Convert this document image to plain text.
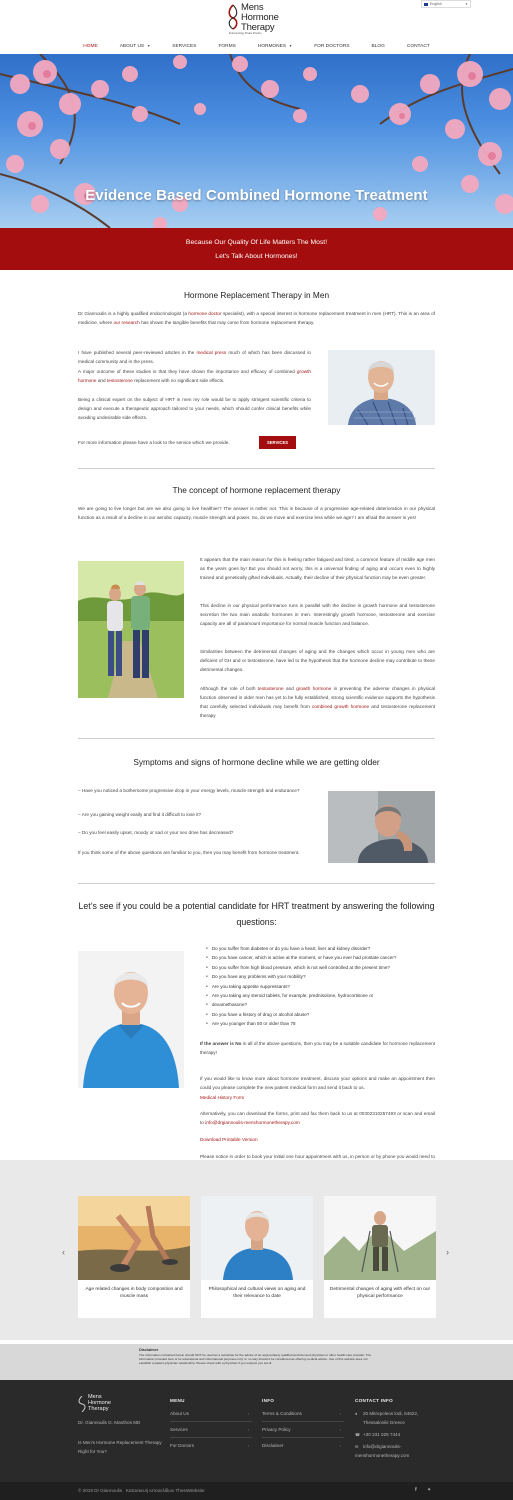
Mens
Hormone
Therapy
Endocrinology Private Practice
English	▼
HOME	ABOUT US ▼	SERVICES	FORMS	HORMONES ▼	FOR DOCTORS	BLOG	CONTACT
Evidence Based Combined Hormone Treatment
Because Our Quality Of Life Matters The Most!
Let's Talk About Hormones!
Hormone Replacement Therapy in Men
Dr Giannoulis is a highly qualified endocrinologist (a hormone doctor specialist), with a special interest in hormone replacement treatment in men (HRT). This is an area of medicine, where our research has shown the tangible benefits that may come from hormone replacement therapy.
I have published several peer-reviewed articles in the medical press much of which has been discussed in medical community and in the press.
A major outcome of these studies is that they have shown the importance and efficacy of combined growth hormone and testosterone replacement with no significant side effects.
Being a clinical expert on the subject of HRT in men my role would be to apply stringent scientific criteria to design and execute a therapeutic approach tailored to your needs, which should confer clinical benefits while avoiding undesirable side effects.
For more information please have a look to the service which we provide.	SERVICES
The concept of hormone replacement therapy
We are going to live longer but are we also going to live healthier? The answer is rather not. This is because of a progressive age-related deterioration in our physical function as a result of a decline in our aerobic capacity, muscle strength and power. So, do we move and exercise less while we age? I am afraid the answer is yes!
It appears that the main reason for this is feeling rather fatigued and tired, a common feature of middle age men as the years goes by! But you should not worry, this is a universal finding of aging and occurs even to highly trained and genetically gifted individuals. Actually, their decline of their physical function may be even greater.
This decline in our physical performance runs in parallel with the decline in growth hormone and testosterone secretion the two main anabolic hormones in men. Interestingly growth hormone, testosterone and exercise capacity are all of paramount importance for normal muscle function and balance.
Similarities between the detrimental changes of aging and the changes which occur in young men who are deficient of GH and or testosterone, have led to the hypothesis that the hormone decline may contribute to these detrimental changes.
Although the role of both testosterone and growth hormone in preventing the adverse changes in physical function observed in older men has yet to be fully established, strong scientific evidence supports the hypothesis that carefully selected individuals may benefit from combined growth hormone and testosterone replacement therapy
Symptoms and signs of hormone decline while we are getting older
– Have you noticed a bothersome progressive drop in your energy levels, muscle strength and endurance?
– Are you gaining weight easily and find it difficult to lose it?
– Do you feel easily upset, moody or sad or your sex drive has decreased?
If you think some of the above questions are familiar to you, then you may benefit from hormone treatment.
Let’s see if you could be a potential candidate for HRT treatment by answering the following
questions:
● Do you suffer from diabetes or do you have a heart, liver and kidney disorder?
● Do you have cancer, which is active at the moment, or have you ever had prostate cancer?
● Do you suffer from high blood pressure, which is not well controlled at the present time?
● Do you have any problems with your mobility?
● Are you taking appetite suppressants?
● Are you taking any steroid tablets, for example, prednisolone, hydrocortisone or
● dexamethasone?
● Do you have a history of drug or alcohol abuse?
● Are you younger than 50 or older than 78
If the answer is No in all of the above questions, then you may be a suitable candidate for hormone replacement therapy!
If you would like to know more about hormone treatment, discuss your options and make an appointment then could you please complete the new patient medical form and send it back to us.
Medical History Form
Alternatively, you can download the forms, print and fax them back to us at 00302310257493 or scan and email to info@drgiannoulis-menshormonetherapy.com
Download Printable Version
Please notice in order to book your initial one hour appointment with us, in person or by phone you would need to
‹	›
Age related changes in body composition and muscle mass
Philosophical and cultural views on aging and their relevance to date
Detrimental changes of aging with effect on our physical performance
Disclaimer
The information contained herein should NOT be used as a substitute for the advice of an appropriately qualified and licensed physician or other health care provider. The information provided here is for educational and informational purposes only. In no way should it be considered as offering medical advice. Use of this website does not establish a patient-physician relationship. Please check with a physician if you suspect you are ill.
Mens
Hormone
Therapy
Dr. Giannoulis G. Manthos MD
Is Men's Hormone Replacement Therapy Right for You?
MENU
About Us	›
Services	›
For Doctors	›
INFO
Terms & Conditions	›
Privacy Policy	›
Disclaimer	›
CONTACT INFO
● 20 Mitropoleos lodi, 54622,
Thessaloniki Greece
☎ +30 231 025 7444
✉ info@drgiannoulis-
menshormonetherapy.com
© 2019 Dr Giannoulis   Κατασκευή ιστοσελίδων ThessWebsite	f ✦
